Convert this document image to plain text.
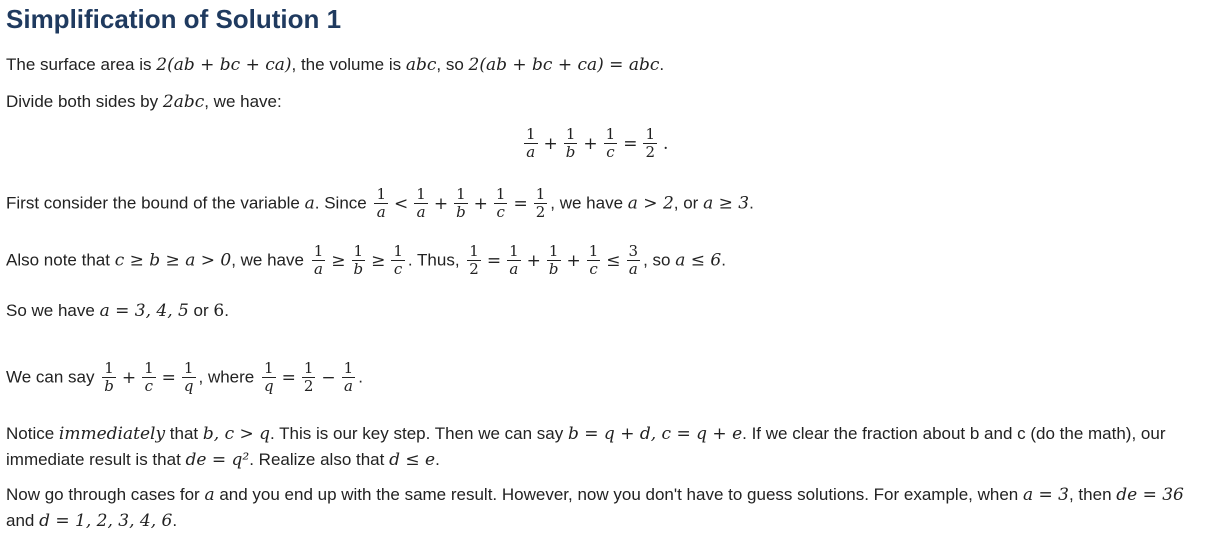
Simplification of Solution 1
The surface area is 2(ab + bc + ca), the volume is abc, so 2(ab + bc + ca) = abc.
Divide both sides by 2abc, we have:
$\frac{1}{a} + \frac{1}{b} + \frac{1}{c} = \frac{1}{2}$ .
First consider the bound of the variable a. Since $\frac{1}{a} < \frac{1}{a} + \frac{1}{b} + \frac{1}{c} = \frac{1}{2}$ , we have a > 2, or a ≥ 3.
Also note that c ≥ b ≥ a > 0, we have $\frac{1}{a} \ge \frac{1}{b} \ge \frac{1}{c}$ . Thus, $\frac{1}{2} = \frac{1}{a} + \frac{1}{b} + \frac{1}{c} \le \frac{3}{a}$ , so a ≤ 6.
So we have a = 3, 4, 5 or 6.
We can say $\frac{1}{b} + \frac{1}{c} = \frac{1}{q}$ , where $\frac{1}{q} = \frac{1}{2} - \frac{1}{a}$ .
Notice immediately that b, c > q. This is our key step. Then we can say b = q + d, c = q + e. If we clear the fraction about b and c (do the math), our immediate result is that de = q². Realize also that d ≤ e.
Now go through cases for a and you end up with the same result. However, now you don't have to guess solutions. For example, when a = 3, then de = 36 and d = 1, 2, 3, 4, 6.
